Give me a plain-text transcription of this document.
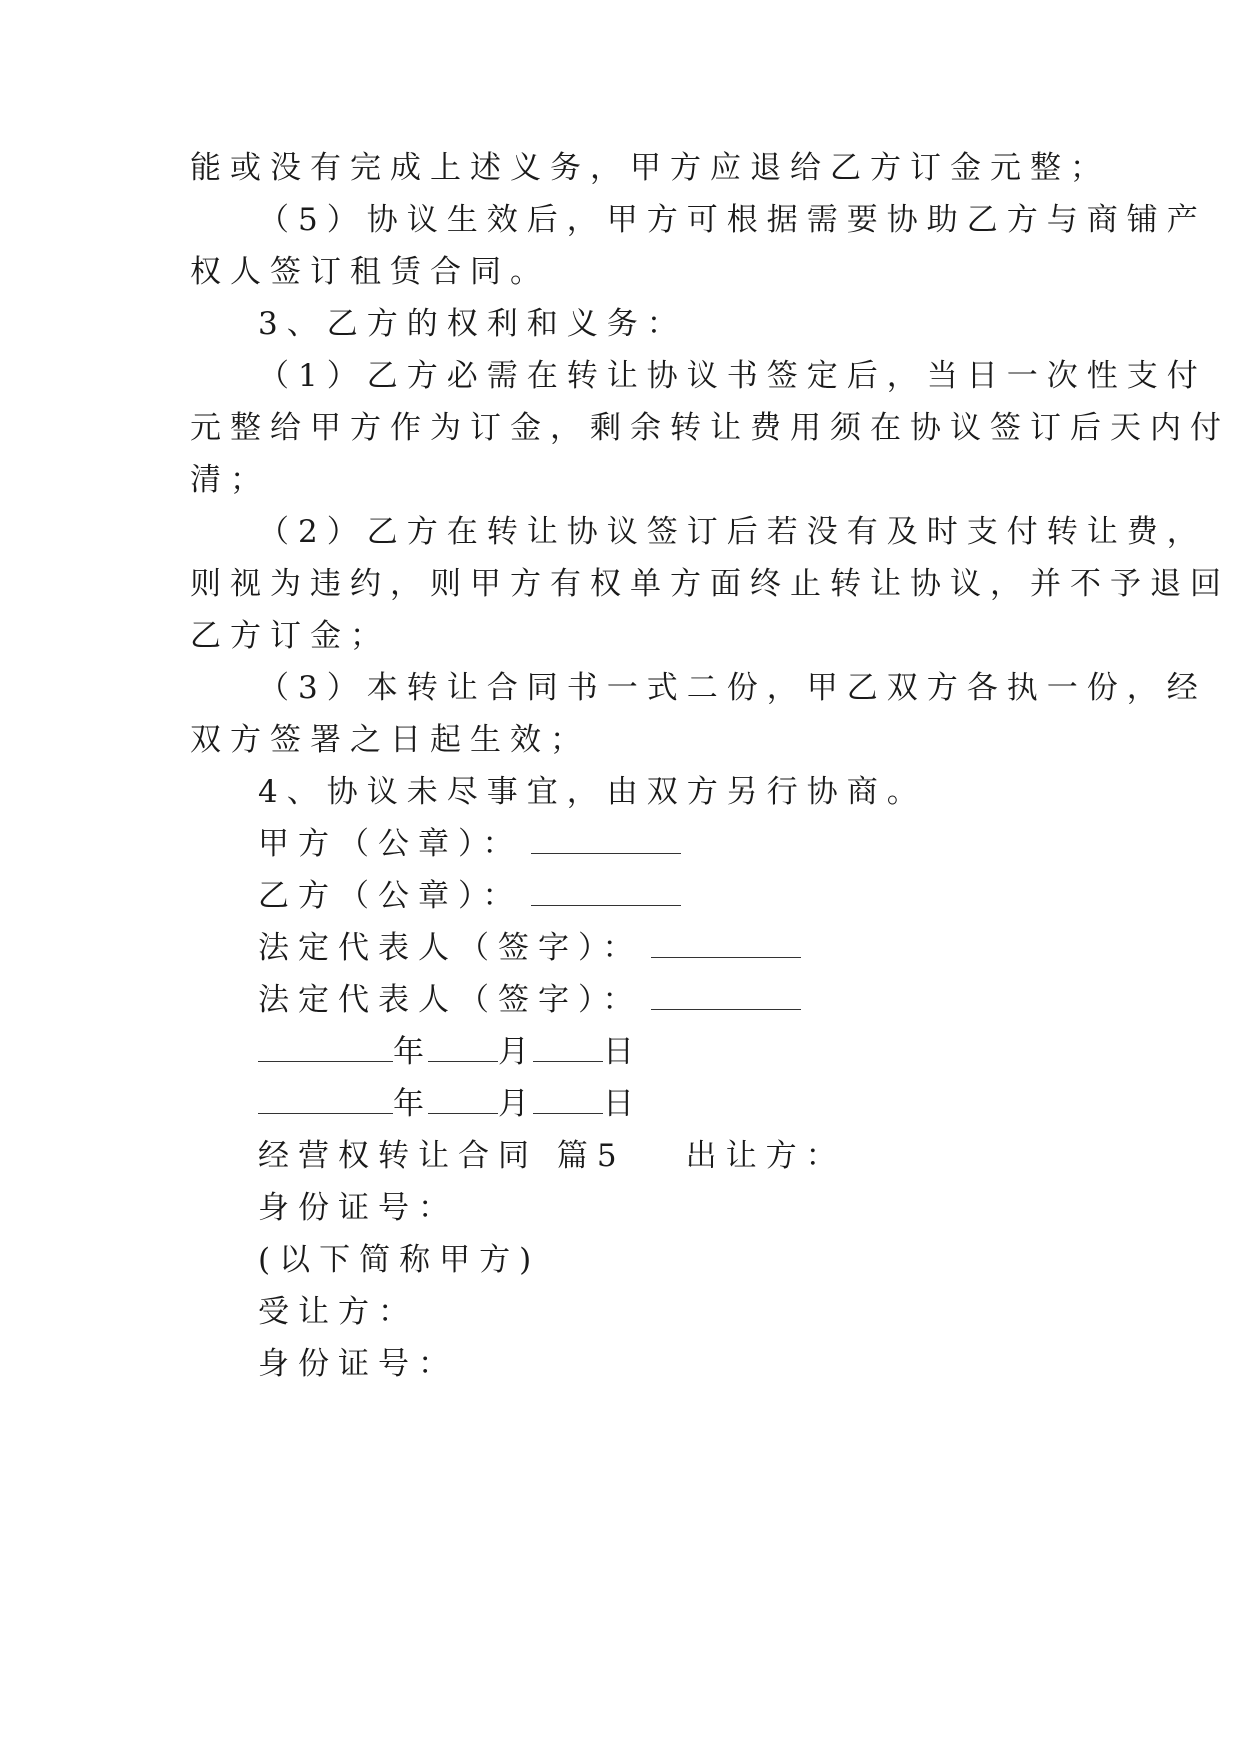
能或没有完成上述义务，甲方应退给乙方订金元整；
（5）协议生效后，甲方可根据需要协助乙方与商铺产
权人签订租赁合同。
3、乙方的权利和义务：
（1）乙方必需在转让协议书签定后，当日一次性支付
元整给甲方作为订金，剩余转让费用须在协议签订后天内付
清；
（2）乙方在转让协议签订后若没有及时支付转让费，
则视为违约，则甲方有权单方面终止转让协议，并不予退回
乙方订金；
（3）本转让合同书一式二份，甲乙双方各执一份，经
双方签署之日起生效；
4、协议未尽事宜，由双方另行协商。
甲方（公章）：
乙方（公章）：
法定代表人（签字）：
法定代表人（签字）：
年 月 日
年 月 日
经营权转让合同 篇5 出让方：
身份证号：
(以下简称甲方)
受让方：
身份证号：
